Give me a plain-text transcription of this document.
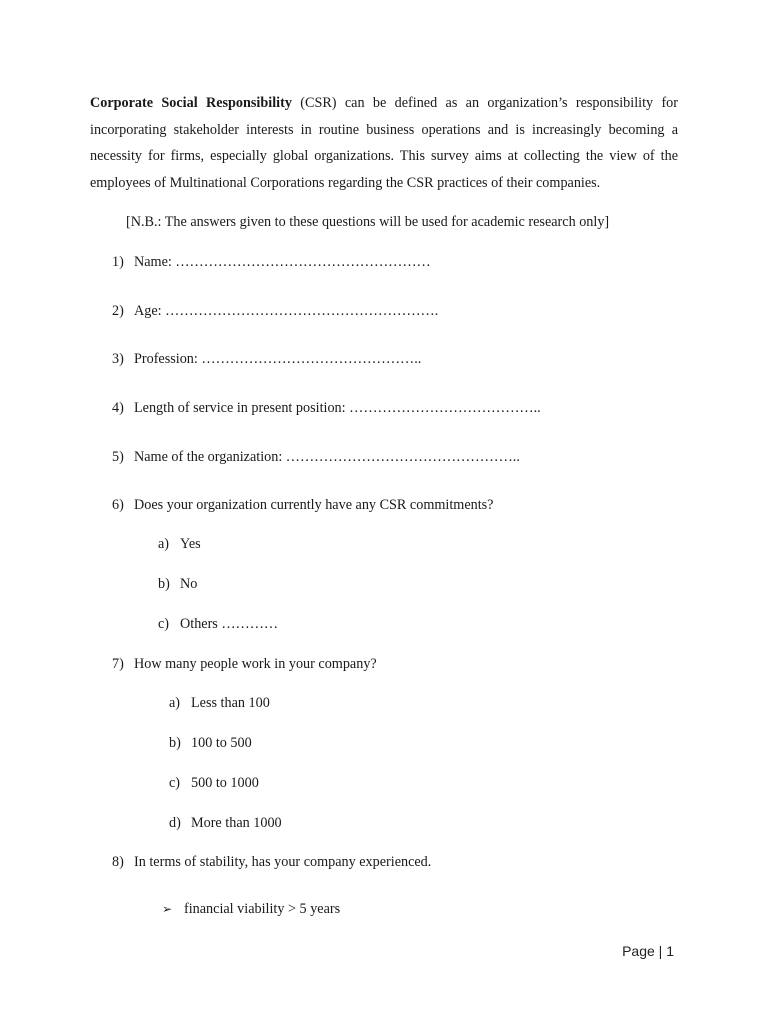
Corporate Social Responsibility (CSR) can be defined as an organization’s responsibility for incorporating stakeholder interests in routine business operations and is increasingly becoming a necessity for firms, especially global organizations. This survey aims at collecting the view of the employees of Multinational Corporations regarding the CSR practices of their companies.

[N.B.: The answers given to these questions will be used for academic research only]

1) Name: ………………………………………………
2) Age: ………………………………………………….
3) Profession: ………………………………………..
4) Length of service in present position: …………………………………..
5) Name of the organization: …………………………………………..
6) Does your organization currently have any CSR commitments?
a) Yes
b) No
c) Others …………
7) How many people work in your company?
a) Less than 100
b) 100 to 500
c) 500 to 1000
d) More than 1000
8) In terms of stability, has your company experienced.
➢ financial viability > 5 years
Page | 1
